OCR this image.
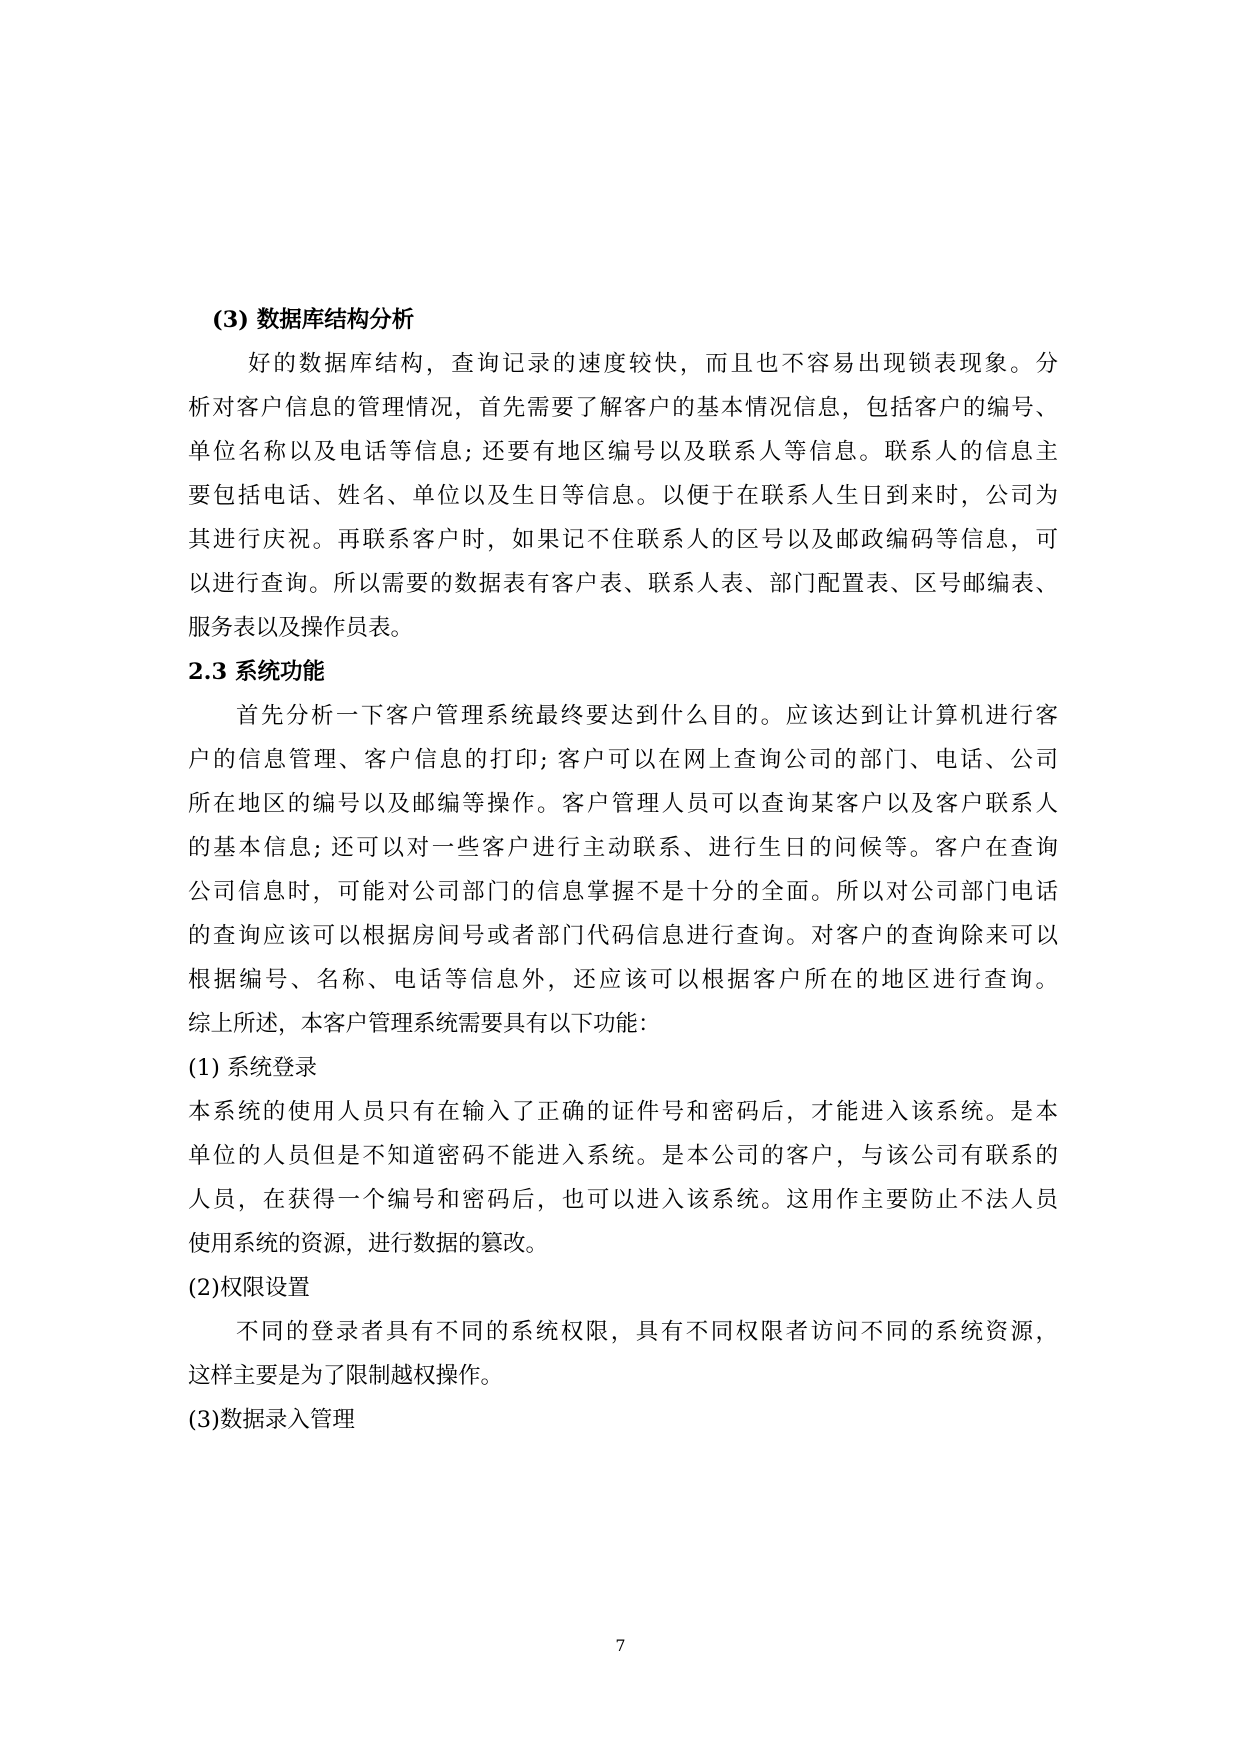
(3) 数据库结构分析

好的数据库结构，查询记录的速度较快，而且也不容易出现锁表现象。分

析对客户信息的管理情况，首先需要了解客户的基本情况信息，包括客户的编号、

单位名称以及电话等信息; 还要有地区编号以及联系人等信息。联系人的信息主

要包括电话、姓名、单位以及生日等信息。以便于在联系人生日到来时，公司为

其进行庆祝。再联系客户时，如果记不住联系人的区号以及邮政编码等信息，可

以进行查询。所以需要的数据表有客户表、联系人表、部门配置表、区号邮编表、

服务表以及操作员表。

2.3 系统功能

首先分析一下客户管理系统最终要达到什么目的。应该达到让计算机进行客

户的信息管理、客户信息的打印; 客户可以在网上查询公司的部门、电话、公司

所在地区的编号以及邮编等操作。客户管理人员可以查询某客户以及客户联系人

的基本信息; 还可以对一些客户进行主动联系、进行生日的问候等。客户在查询

公司信息时，可能对公司部门的信息掌握不是十分的全面。所以对公司部门电话

的查询应该可以根据房间号或者部门代码信息进行查询。对客户的查询除来可以

根据编号、名称、电话等信息外，还应该可以根据客户所在的地区进行查询。

综上所述，本客户管理系统需要具有以下功能：

(1) 系统登录

本系统的使用人员只有在输入了正确的证件号和密码后，才能进入该系统。是本

单位的人员但是不知道密码不能进入系统。是本公司的客户，与该公司有联系的

人员，在获得一个编号和密码后，也可以进入该系统。这用作主要防止不法人员

使用系统的资源，进行数据的篡改。

(2)权限设置

不同的登录者具有不同的系统权限，具有不同权限者访问不同的系统资源，

这样主要是为了限制越权操作。

(3)数据录入管理

7
